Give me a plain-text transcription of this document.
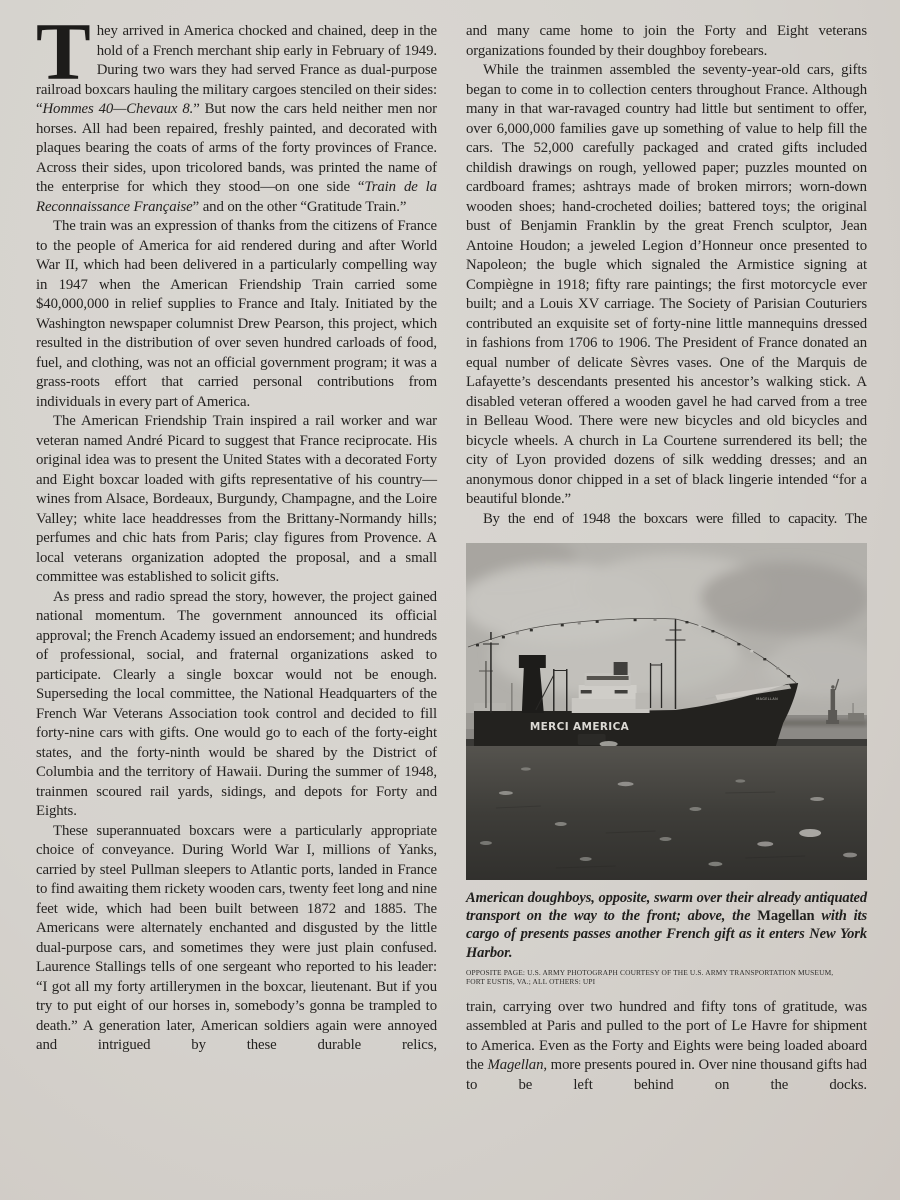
They arrived in America chocked and chained, deep in the hold of a French merchant ship early in February of 1949. During two wars they had served France as dual-purpose railroad boxcars hauling the military cargoes stenciled on their sides: “Hommes 40—Chevaux 8.” But now the cars held neither men nor horses. All had been repaired, freshly painted, and decorated with plaques bearing the coats of arms of the forty provinces of France. Across their sides, upon tricolored bands, was printed the name of the enterprise for which they stood—on one side “Train de la Reconnaissance Française” and on the other “Gratitude Train.”

The train was an expression of thanks from the citizens of France to the people of America for aid rendered during and after World War II, which had been delivered in a particularly compelling way in 1947 when the American Friendship Train carried some $40,000,000 in relief supplies to France and Italy. Initiated by the Washington newspaper columnist Drew Pearson, this project, which resulted in the distribution of over seven hundred carloads of food, fuel, and clothing, was not an official government program; it was a grass-roots effort that carried personal contributions from individuals in every part of America.

The American Friendship Train inspired a rail worker and war veteran named André Picard to suggest that France reciprocate. His original idea was to present the United States with a decorated Forty and Eight boxcar loaded with gifts representative of his country—wines from Alsace, Bordeaux, Burgundy, Champagne, and the Loire Valley; white lace headdresses from the Brittany-Normandy hills; perfumes and chic hats from Paris; clay figures from Provence. A local veterans organization adopted the proposal, and a small committee was established to solicit gifts.

As press and radio spread the story, however, the project gained national momentum. The government announced its official approval; the French Academy issued an endorsement; and hundreds of professional, social, and fraternal organizations asked to participate. Clearly a single boxcar would not be enough. Superseding the local committee, the National Headquarters of the French War Veterans Association took control and decided to fill forty-nine cars with gifts. One would go to each of the forty-eight states, and the forty-ninth would be shared by the District of Columbia and the territory of Hawaii. During the summer of 1948, trainmen scoured rail yards, sidings, and depots for Forty and Eights.

These superannuated boxcars were a particularly appropriate choice of conveyance. During World War I, millions of Yanks, carried by steel Pullman sleepers to Atlantic ports, landed in France to find awaiting them rickety wooden cars, twenty feet long and nine feet wide, which had been built between 1872 and 1885. The Americans were alternately enchanted and disgusted by the little dual-purpose cars, and sometimes they were just plain confused. Laurence Stallings tells of one sergeant who reported to his leader: “I got all my forty artillerymen in the boxcar, lieutenant. But if you try to put eight of our horses in, somebody’s gonna be trampled to death.” A generation later, American soldiers again were annoyed and intrigued by these durable relics,

and many came home to join the Forty and Eight veterans organizations founded by their doughboy forebears.

While the trainmen assembled the seventy-year-old cars, gifts began to come in to collection centers throughout France. Although many in that war-ravaged country had little but sentiment to offer, over 6,000,000 families gave up something of value to help fill the cars. The 52,000 carefully packaged and crated gifts included childish drawings on rough, yellowed paper; puzzles mounted on cardboard frames; ashtrays made of broken mirrors; worn-down wooden shoes; hand-crocheted doilies; battered toys; the original bust of Benjamin Franklin by the great French sculptor, Jean Antoine Houdon; a jeweled Legion d’Honneur once presented to Napoleon; the bugle which signaled the Armistice signing at Compiègne in 1918; fifty rare paintings; the first motorcycle ever built; and a Louis XV carriage. The Society of Parisian Couturiers contributed an exquisite set of forty-nine little mannequins dressed in fashions from 1706 to 1906. The President of France donated an equal number of delicate Sèvres vases. One of the Marquis de Lafayette’s descendants presented his ancestor’s walking stick. A disabled veteran offered a wooden gavel he had carved from a tree in Belleau Wood. There were new bicycles and old bicycles and bicycle wheels. A church in La Courtene surrendered its bell; the city of Lyon provided dozens of silk wedding dresses; and an anonymous donor chipped in a set of black lingerie intended “for a beautiful blonde.”

By the end of 1948 the boxcars were filled to capacity. The

MERCI AMERICA
MAGELLAN
American doughboys, opposite, swarm over their already antiquated transport on the way to the front; above, the Magellan with its cargo of presents passes another French gift as it enters New York Harbor.
OPPOSITE PAGE: U.S. ARMY PHOTOGRAPH COURTESY OF THE U.S. ARMY TRANSPORTATION MUSEUM,
FORT EUSTIS, VA.; ALL OTHERS: UPI

train, carrying over two hundred and fifty tons of gratitude, was assembled at Paris and pulled to the port of Le Havre for shipment to America. Even as the Forty and Eights were being loaded aboard the Magellan, more presents poured in. Over nine thousand gifts had to be left behind on the docks.
